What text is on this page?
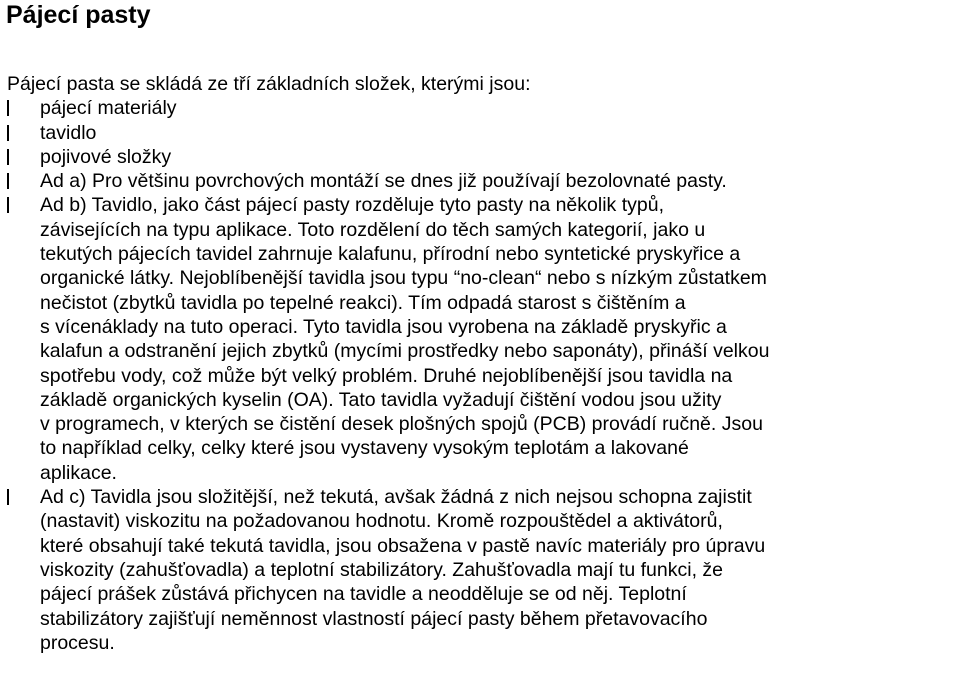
Pájecí pasty

Pájecí pasta se skládá ze tří základních složek, kterými jsou:

pájecí materiály
tavidlo
pojivové složky
Ad a) Pro většinu povrchových montáží se dnes již používají bezolovnaté pasty.
Ad b) Tavidlo, jako část pájecí pasty rozděluje tyto pasty na několik typů,
závisejících na typu aplikace. Toto rozdělení do těch samých kategorií, jako u
tekutých pájecích tavidel zahrnuje kalafunu, přírodní nebo syntetické pryskyřice a
organické látky. Nejoblíbenější tavidla jsou typu “no-clean“ nebo s nízkým zůstatkem
nečistot (zbytků tavidla po tepelné reakci). Tím odpadá starost s čištěním a
s vícenáklady na tuto operaci. Tyto tavidla jsou vyrobena na základě pryskyřic a
kalafun a odstranění jejich zbytků (mycími prostředky nebo saponáty), přináší velkou
spotřebu vody, což může být velký problém. Druhé nejoblíbenější jsou tavidla na
základě organických kyselin (OA). Tato tavidla vyžadují čištění vodou jsou užity
v programech, v kterých se čistění desek plošných spojů (PCB) provádí ručně. Jsou
to například celky, celky které jsou vystaveny vysokým teplotám a lakované
aplikace.
Ad c) Tavidla jsou složitější, než tekutá, avšak žádná z nich nejsou schopna zajistit
(nastavit) viskozitu na požadovanou hodnotu. Kromě rozpouštědel a aktivátorů,
které obsahují také tekutá tavidla, jsou obsažena v pastě navíc materiály pro úpravu
viskozity (zahušťovadla) a teplotní stabilizátory. Zahušťovadla mají tu funkci, že
pájecí prášek zůstává přichycen na tavidle a neodděluje se od něj. Teplotní
stabilizátory zajišťují neměnnost vlastností pájecí pasty během přetavovacího
procesu.
